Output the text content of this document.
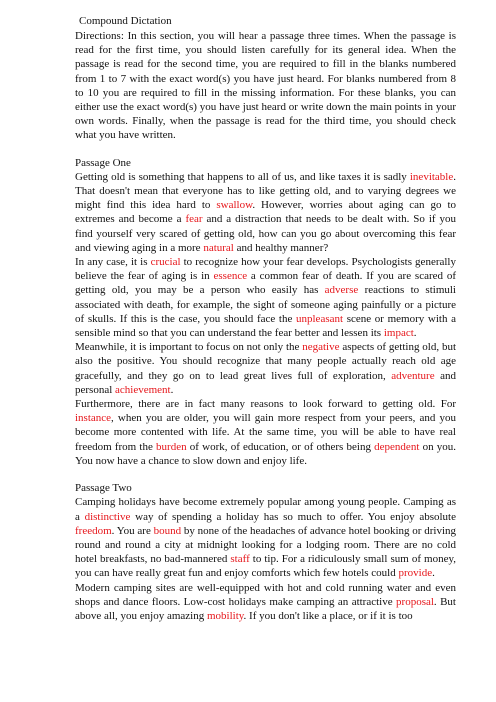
Compound Dictation

Directions: In this section, you will hear a passage three times. When the passage is read for the first time, you should listen carefully for its general idea. When the passage is read for the second time, you are required to fill in the blanks numbered from 1 to 7 with the exact word(s) you have just heard. For blanks numbered from 8 to 10 you are required to fill in the missing information. For these blanks, you can either use the exact word(s) you have just heard or write down the main points in your own words. Finally, when the passage is read for the third time, you should check what you have written.

Passage One

Getting old is something that happens to all of us, and like taxes it is sadly inevitable. That doesn't mean that everyone has to like getting old, and to varying degrees we might find this idea hard to swallow. However, worries about aging can go to extremes and become a fear and a distraction that needs to be dealt with. So if you find yourself very scared of getting old, how can you go about overcoming this fear and viewing aging in a more natural and healthy manner?

In any case, it is crucial to recognize how your fear develops. Psychologists generally believe the fear of aging is in essence a common fear of death. If you are scared of getting old, you may be a person who easily has adverse reactions to stimuli associated with death, for example, the sight of someone aging painfully or a picture of skulls. If this is the case, you should face the unpleasant scene or memory with a sensible mind so that you can understand the fear better and lessen its impact.

Meanwhile, it is important to focus on not only the negative aspects of getting old, but also the positive. You should recognize that many people actually reach old age gracefully, and they go on to lead great lives full of exploration, adventure and personal achievement.

Furthermore, there are in fact many reasons to look forward to getting old. For instance, when you are older, you will gain more respect from your peers, and you become more contented with life. At the same time, you will be able to have real freedom from the burden of work, of education, or of others being dependent on you. You now have a chance to slow down and enjoy life.

Passage Two

Camping holidays have become extremely popular among young people. Camping as a distinctive way of spending a holiday has so much to offer. You enjoy absolute freedom. You are bound by none of the headaches of advance hotel booking or driving round and round a city at midnight looking for a lodging room. There are no cold hotel breakfasts, no bad-mannered staff to tip. For a ridiculously small sum of money, you can have really great fun and enjoy comforts which few hotels could provide.

Modern camping sites are well-equipped with hot and cold running water and even shops and dance floors. Low-cost holidays make camping an attractive proposal. But above all, you enjoy amazing mobility. If you don't like a place, or if it is too
